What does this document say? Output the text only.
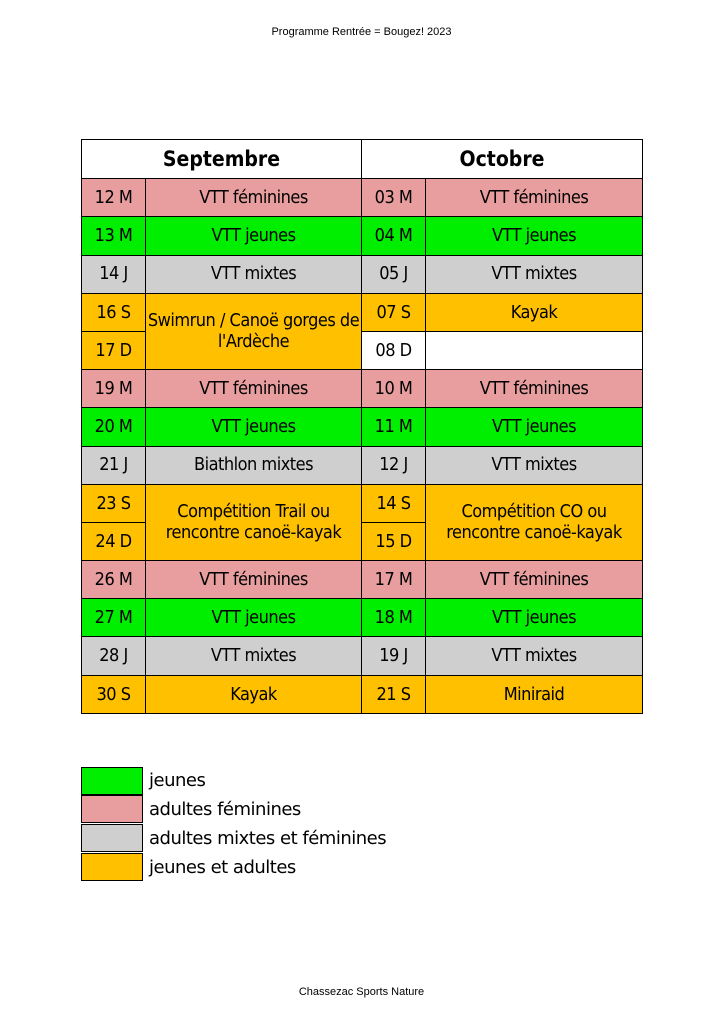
Programme Rentrée = Bougez! 2023
Septembre		Octobre	
12 M	VTT féminines	03 M	VTT féminines
13 M	VTT jeunes	04 M	VTT jeunes
14 J	VTT mixtes	05 J	VTT mixtes
16 S	Swimrun / Canoë gorges de l'Ardèche	07 S	Kayak
17 D		08 D	
19 M	VTT féminines	10 M	VTT féminines
20 M	VTT jeunes	11 M	VTT jeunes
21 J	Biathlon mixtes	12 J	VTT mixtes
23 S	Compétition Trail ou rencontre canoë-kayak	14 S	Compétition CO ou rencontre canoë-kayak
24 D		15 D	
26 M	VTT féminines	17 M	VTT féminines
27 M	VTT jeunes	18 M	VTT jeunes
28 J	VTT mixtes	19 J	VTT mixtes
30 S	Kayak	21 S	Miniraid
jeunes
adultes féminines
adultes mixtes et féminines
jeunes et adultes
Chassezac Sports Nature
